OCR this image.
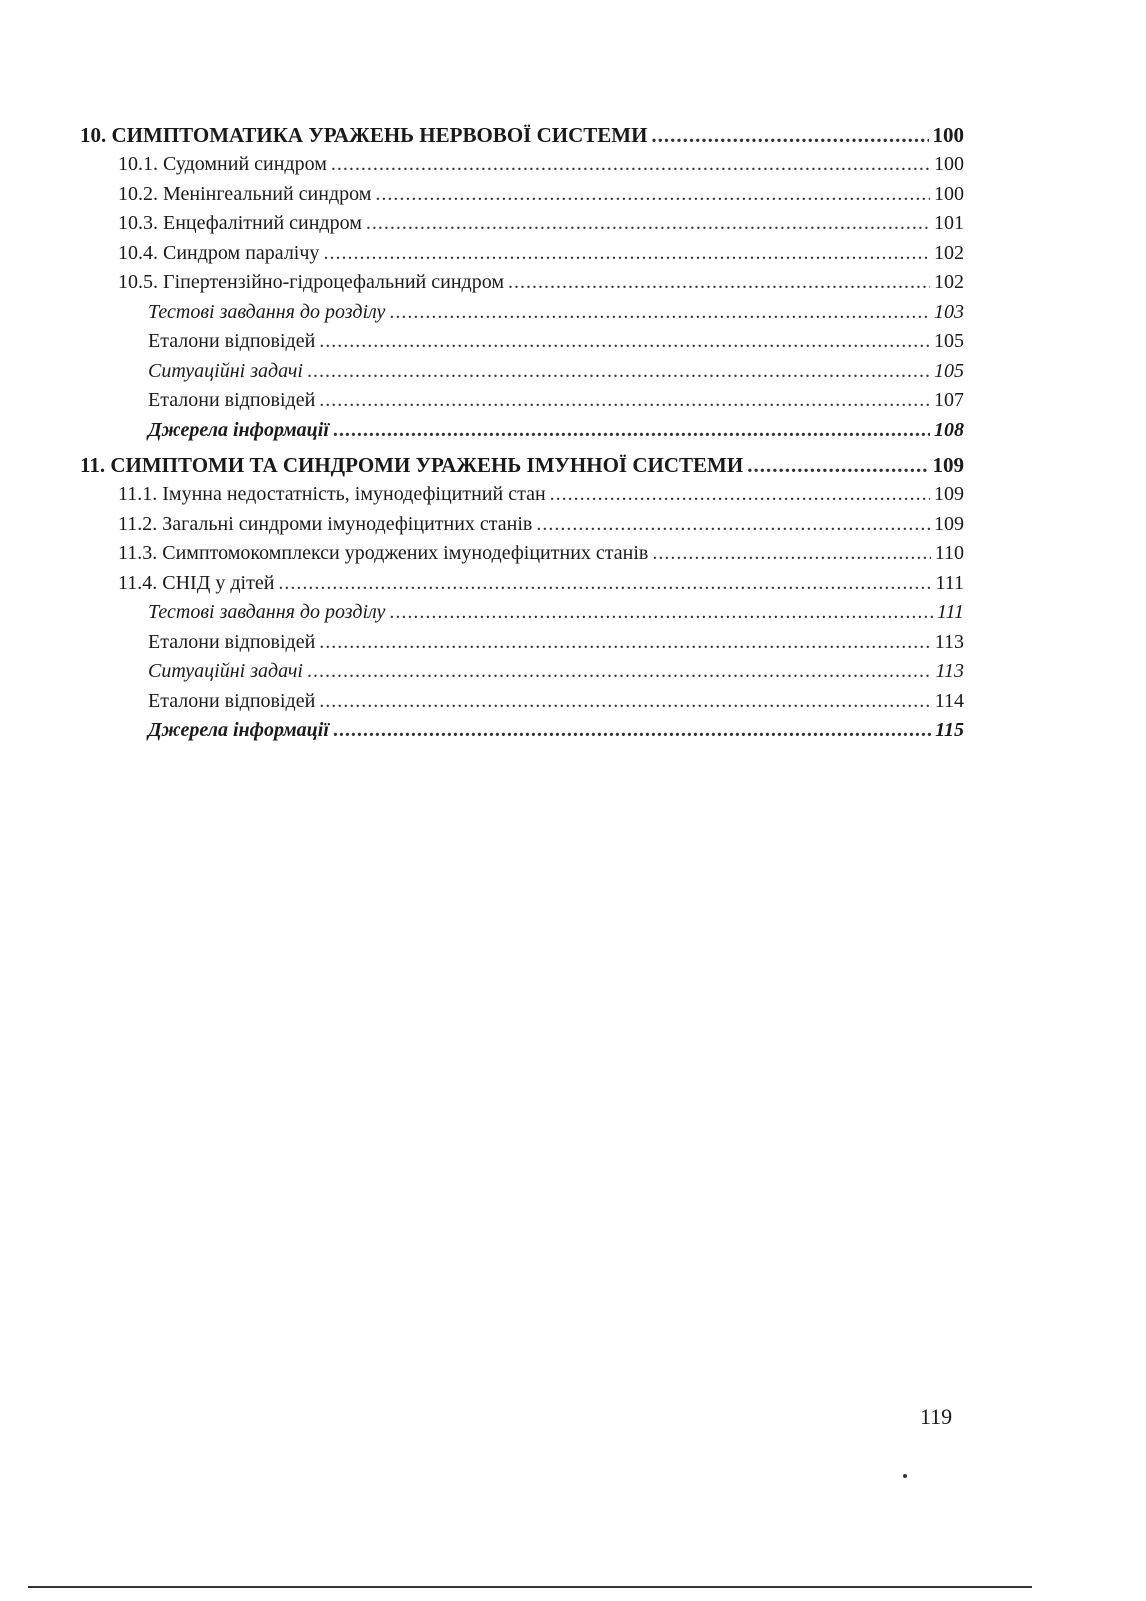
10. СИМПТОМАТИКА УРАЖЕНЬ НЕРВОВОЇ СИСТЕМИ .....	100
10.1. Судомний синдром .....	100
10.2. Менінгеальний синдром .....	100
10.3. Енцефалітний синдром .....	101
10.4. Синдром паралічу .....	102
10.5. Гіпертензійно-гідроцефальний синдром .....	102
Тестові завдання до розділу .....	103
Еталони відповідей .....	105
Ситуаційні задачі .....	105
Еталони відповідей .....	107
Джерела інформації .....	108
11. СИМПТОМИ ТА СИНДРОМИ УРАЖЕНЬ ІМУННОЇ СИСТЕМИ .....	109
11.1. Імунна недостатність, імунодефіцитний стан .....	109
11.2. Загальні синдроми імунодефіцитних станів .....	109
11.3. Симптомокомплекси уроджених імунодефіцитних станів .....	110
11.4. СНІД у дітей .....	111
Тестові завдання до розділу .....	111
Еталони відповідей .....	113
Ситуаційні задачі .....	113
Еталони відповідей .....	114
Джерела інформації .....	115
119
